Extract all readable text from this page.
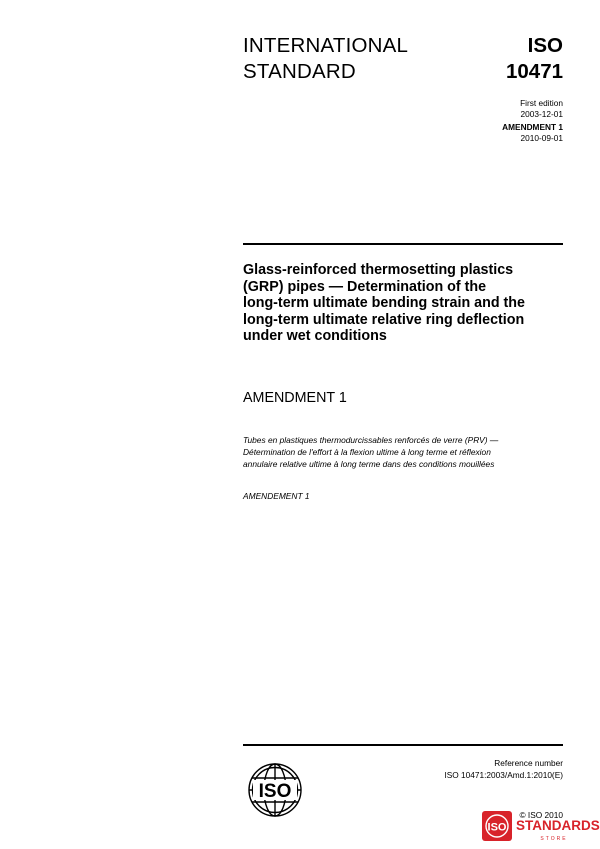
INTERNATIONAL
STANDARD
ISO
10471
First edition
2003-12-01
AMENDMENT 1
2010-09-01
Glass-reinforced thermosetting plastics
(GRP) pipes — Determination of the
long-term ultimate bending strain and the
long-term ultimate relative ring deflection
under wet conditions
AMENDMENT 1
Tubes en plastiques thermodurcissables renforcés de verre (PRV) —
Détermination de l'effort à la flexion ultime à long terme et réflexion
annulaire relative ultime à long terme dans des conditions mouillées
AMENDEMENT 1
ISO
Reference number
ISO 10471:2003/Amd.1:2010(E)
© ISO 2010
ISO STANDARDS
STORE
